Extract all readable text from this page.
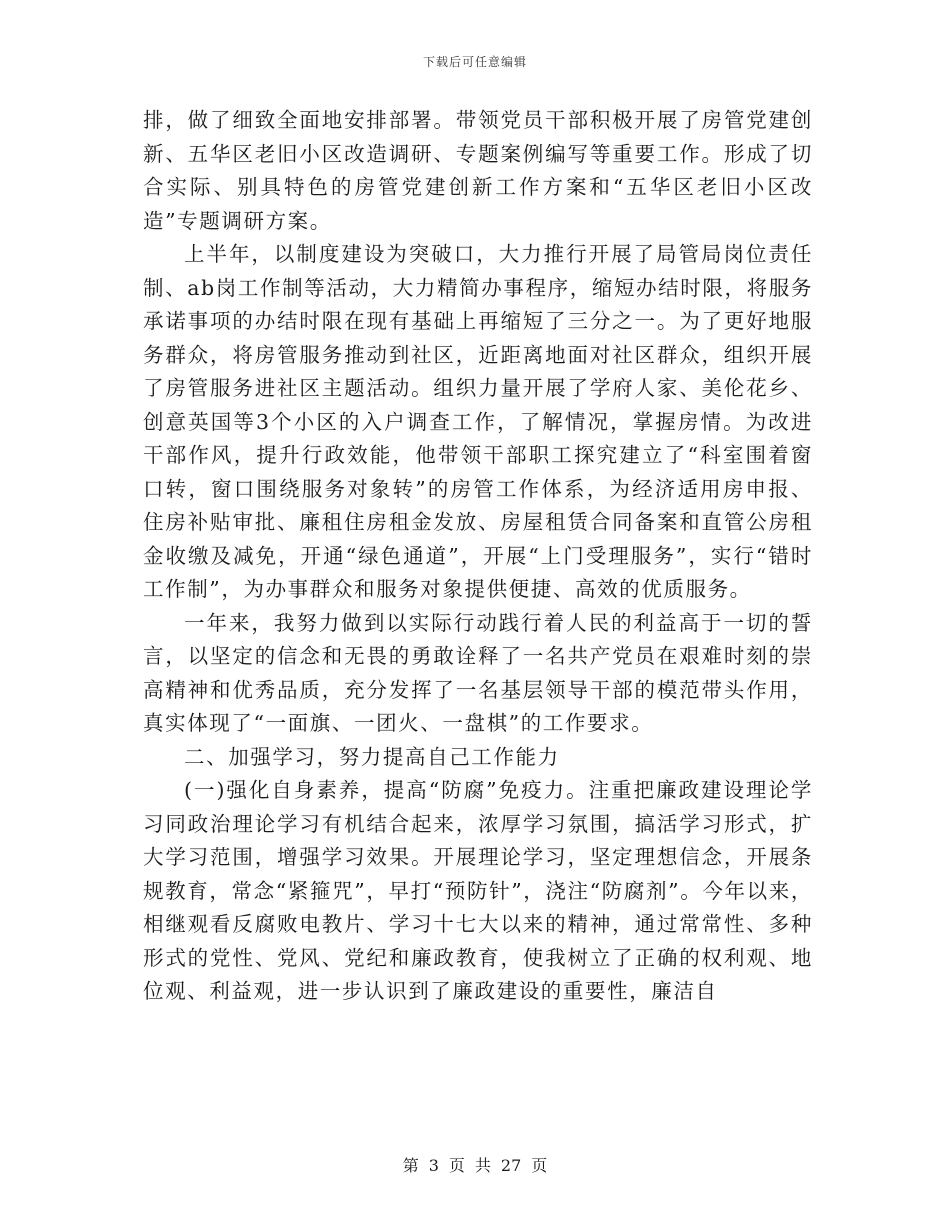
下载后可任意编辑

排，做了细致全面地安排部署。带领党员干部积极开展了房管党建创新、五华区老旧小区改造调研、专题案例编写等重要工作。形成了切合实际、别具特色的房管党建创新工作方案和“五华区老旧小区改造”专题调研方案。

上半年，以制度建设为突破口，大力推行开展了局管局岗位责任制、ab岗工作制等活动，大力精简办事程序，缩短办结时限，将服务承诺事项的办结时限在现有基础上再缩短了三分之一。为了更好地服务群众，将房管服务推动到社区，近距离地面对社区群众，组织开展了房管服务进社区主题活动。组织力量开展了学府人家、美伦花乡、创意英国等3个小区的入户调查工作，了解情况，掌握房情。为改进干部作风，提升行政效能，他带领干部职工探究建立了“科室围着窗口转，窗口围绕服务对象转”的房管工作体系，为经济适用房申报、住房补贴审批、廉租住房租金发放、房屋租赁合同备案和直管公房租金收缴及减免，开通“绿色通道”，开展“上门受理服务”，实行“错时工作制”，为办事群众和服务对象提供便捷、高效的优质服务。

一年来，我努力做到以实际行动践行着人民的利益高于一切的誓言，以坚定的信念和无畏的勇敢诠释了一名共产党员在艰难时刻的崇高精神和优秀品质，充分发挥了一名基层领导干部的模范带头作用，真实体现了“一面旗、一团火、一盘棋”的工作要求。

二、加强学习，努力提高自己工作能力

(一)强化自身素养，提高“防腐”免疫力。注重把廉政建设理论学习同政治理论学习有机结合起来，浓厚学习氛围，搞活学习形式，扩大学习范围，增强学习效果。开展理论学习，坚定理想信念，开展条规教育，常念“紧箍咒”，早打“预防针”，浇注“防腐剂”。今年以来，相继观看反腐败电教片、学习十七大以来的精神，通过常常性、多种形式的党性、党风、党纪和廉政教育，使我树立了正确的权利观、地位观、利益观，进一步认识到了廉政建设的重要性，廉洁自

第 3 页 共 27 页
